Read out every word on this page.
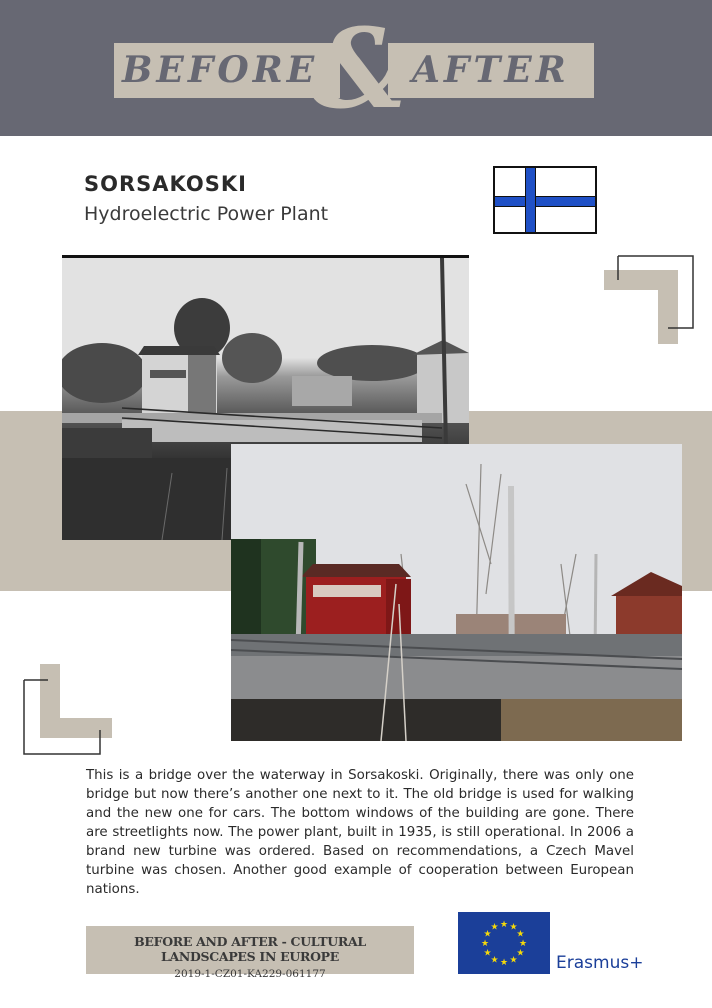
BEFORE	AFTER
&
SORSAKOSKI
Hydroelectric Power Plant
This is a bridge over the waterway in Sorsakoski. Originally, there was only one bridge but now there’s another one next to it. The old bridge is used for walking and the new one for cars. The bottom windows of the building are gone. There are streetlights now. The power plant, built in 1935, is still operational. In 2006 a brand new turbine was ordered. Based on recommendations, a Czech Mavel turbine was chosen. Another good example of cooperation between European nations.
BEFORE AND AFTER - CULTURAL LANDSCAPES IN EUROPE
2019-1-CZ01-KA229-061177
★ ★
★
★
★
★
★
★
★
★
★
★
Erasmus+
